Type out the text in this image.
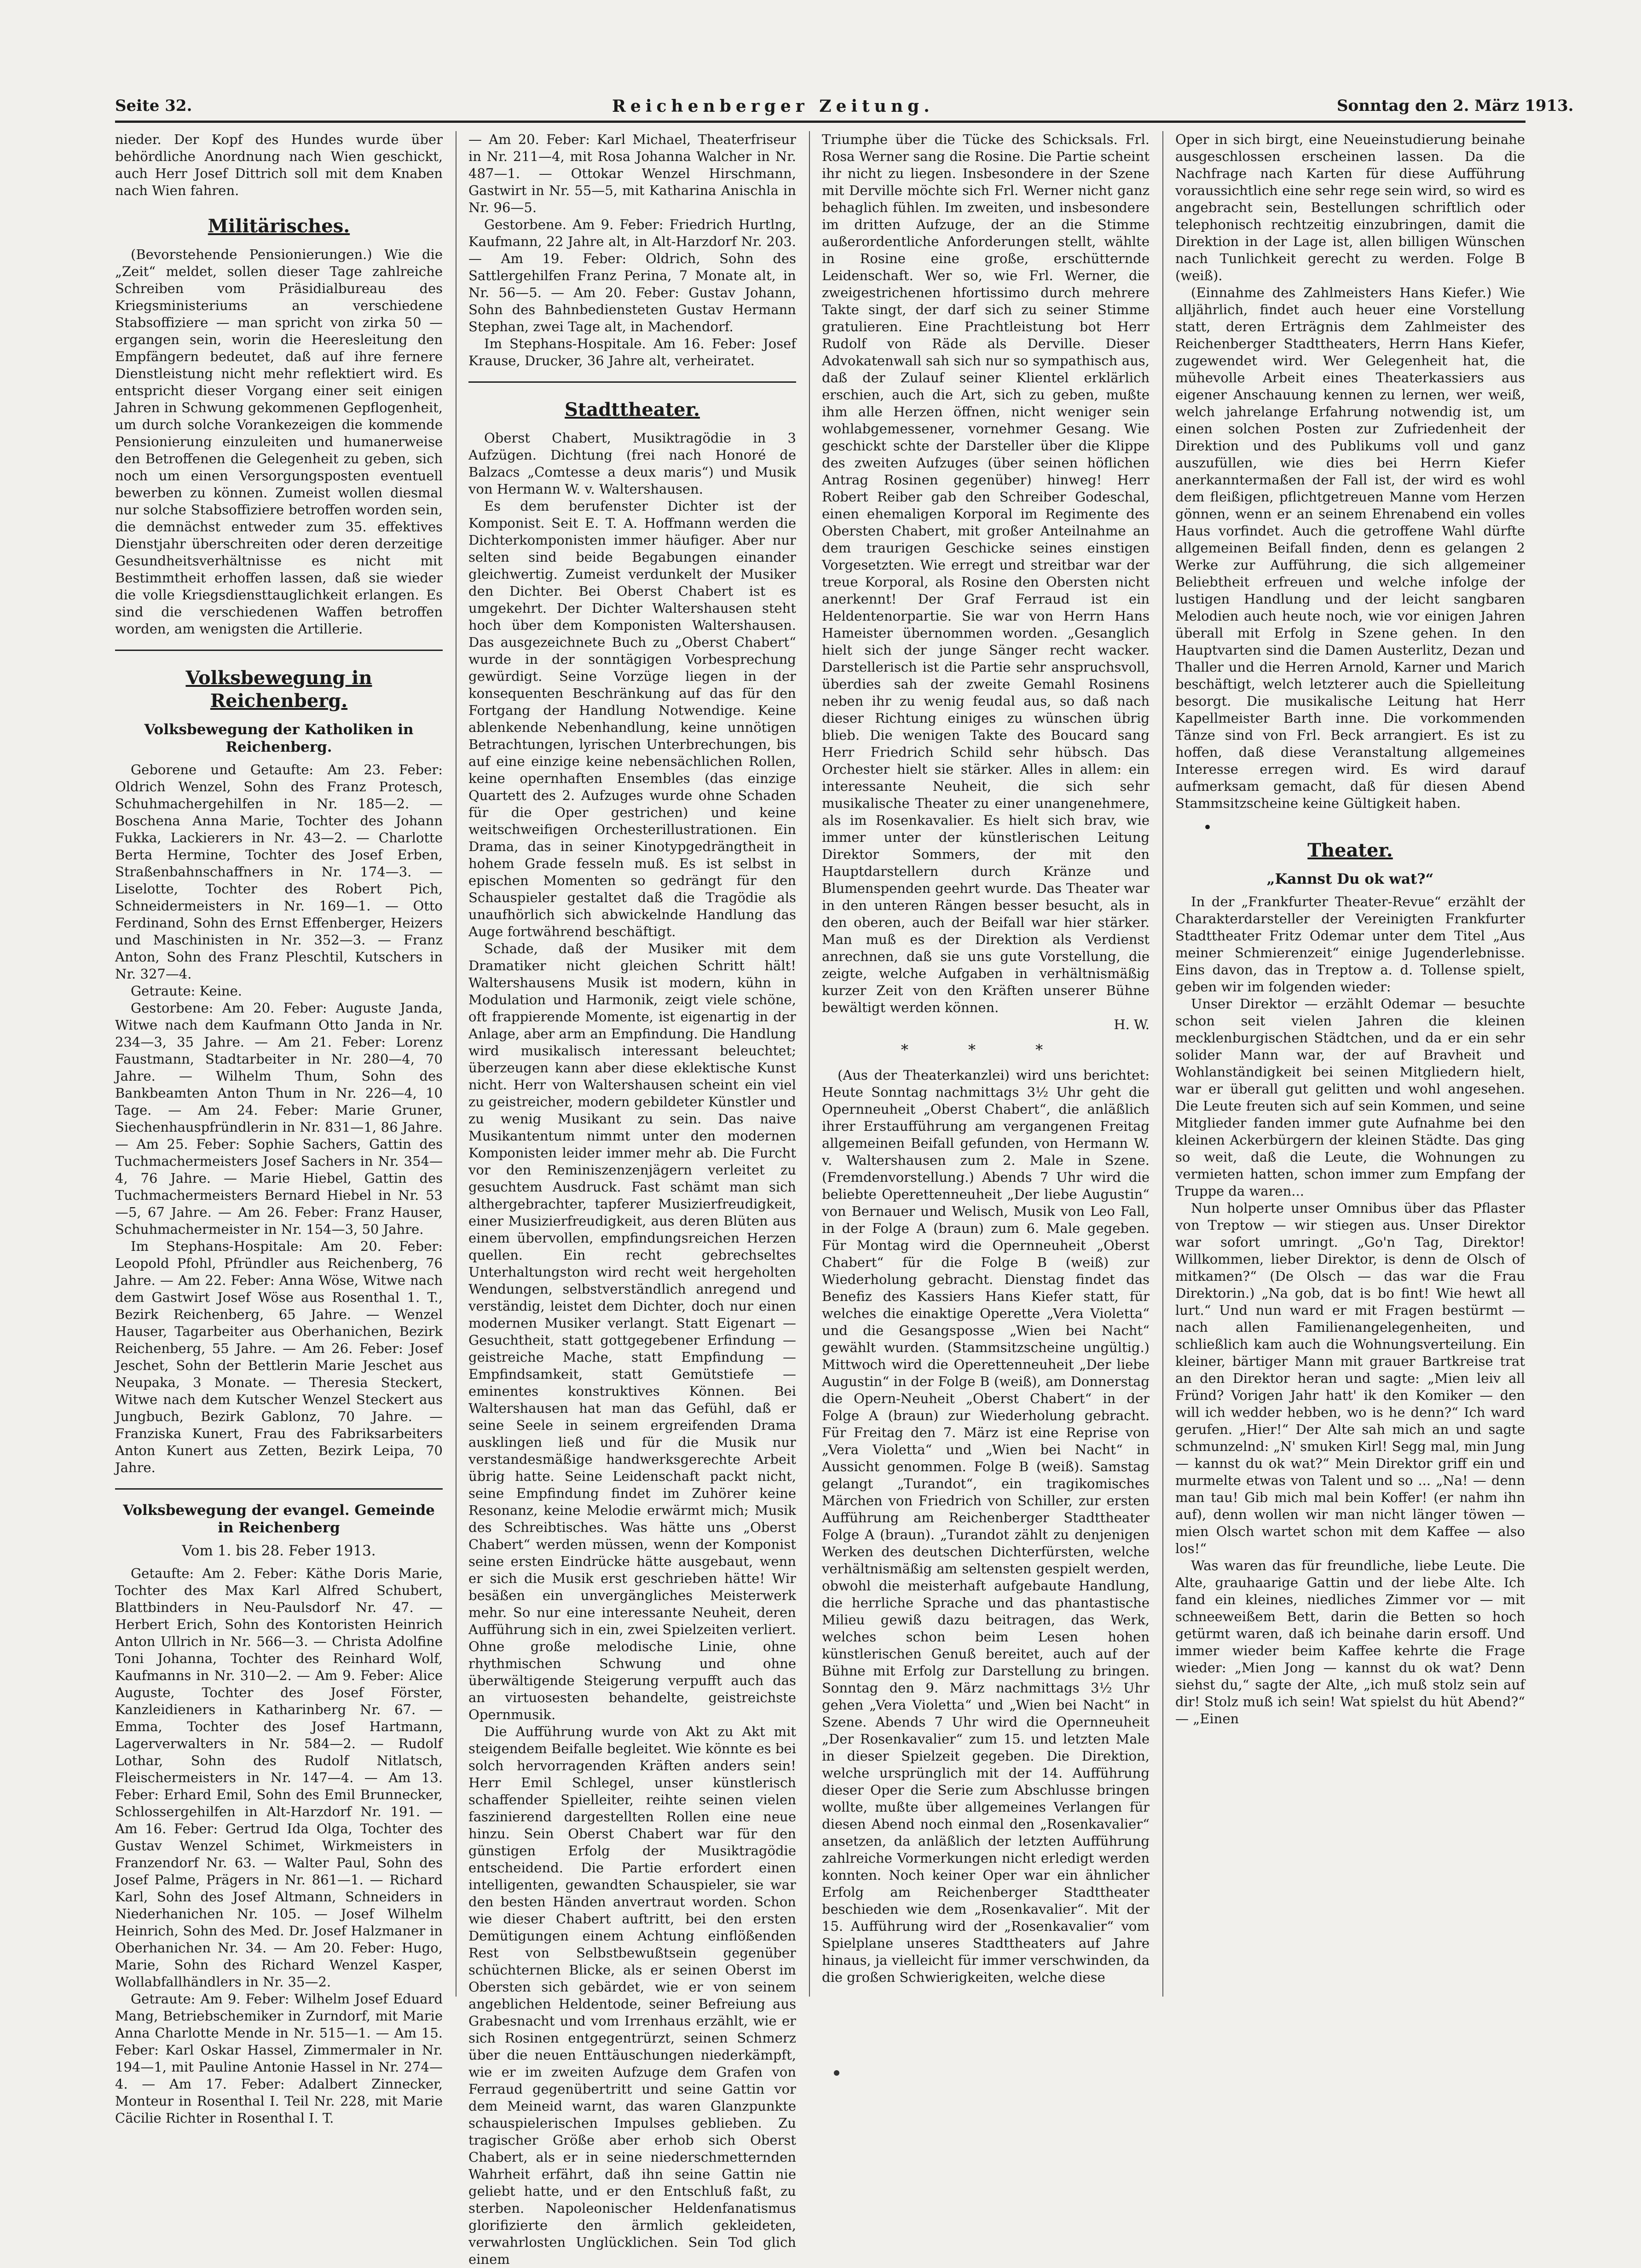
Seite 32.	Reichenberger Zeitung.	Sonntag den 2. März 1913.

nieder. Der Kopf des Hundes wurde über behördliche Anordnung nach Wien geschickt, auch Herr Josef Dittrich soll mit dem Knaben nach Wien fahren.

Militärisches.

(Bevorstehende Pensionierungen.) Wie die „Zeit“ meldet, sollen dieser Tage zahlreiche Schreiben vom Präsidialbureau des Kriegsministeriums an verschiedene Stabsoffiziere — man spricht von zirka 50 — ergangen sein, worin die Heeresleitung den Empfängern bedeutet, daß auf ihre fernere Dienstleistung nicht mehr reflektiert wird. Es entspricht dieser Vorgang einer seit einigen Jahren in Schwung gekommenen Gepflogenheit, um durch solche Vorankezeigen die kommende Pensionierung einzuleiten und humanerweise den Betroffenen die Gelegenheit zu geben, sich noch um einen Versorgungsposten eventuell bewerben zu können. Zumeist wollen diesmal nur solche Stabsoffiziere betroffen worden sein, die demnächst entweder zum 35. effektives Dienstjahr überschreiten oder deren derzeitige Gesundheitsverhältnisse es nicht mit Bestimmtheit erhoffen lassen, daß sie wieder die volle Kriegsdiensttauglichkeit erlangen. Es sind die verschiedenen Waffen betroffen worden, am wenigsten die Artillerie.

Volksbewegung in Reichenberg.
Volksbewegung der Katholiken in Reichenberg.

Geborene und Getaufte: Am 23. Feber: Oldrich Wenzel, Sohn des Franz Protesch, Schuhmachergehilfen in Nr. 185—2. — Boschena Anna Marie, Tochter des Johann Fukka, Lackierers in Nr. 43—2. — Charlotte Berta Hermine, Tochter des Josef Erben, Straßenbahnschaffners in Nr. 174—3. — Liselotte, Tochter des Robert Pich, Schneidermeisters in Nr. 169—1. — Otto Ferdinand, Sohn des Ernst Effenberger, Heizers und Maschinisten in Nr. 352—3. — Franz Anton, Sohn des Franz Pleschtil, Kutschers in Nr. 327—4.

Getraute: Keine.

Gestorbene: Am 20. Feber: Auguste Janda, Witwe nach dem Kaufmann Otto Janda in Nr. 234—3, 35 Jahre. — Am 21. Feber: Lorenz Faustmann, Stadtarbeiter in Nr. 280—4, 70 Jahre. — Wilhelm Thum, Sohn des Bankbeamten Anton Thum in Nr. 226—4, 10 Tage. — Am 24. Feber: Marie Gruner, Siechenhauspfründlerin in Nr. 831—1, 86 Jahre. — Am 25. Feber: Sophie Sachers, Gattin des Tuchmachermeisters Josef Sachers in Nr. 354—4, 76 Jahre. — Marie Hiebel, Gattin des Tuchmachermeisters Bernard Hiebel in Nr. 53—5, 67 Jahre. — Am 26. Feber: Franz Hauser, Schuhmachermeister in Nr. 154—3, 50 Jahre.

Im Stephans-Hospitale: Am 20. Feber: Leopold Pfohl, Pfründler aus Reichenberg, 76 Jahre. — Am 22. Feber: Anna Wöse, Witwe nach dem Gastwirt Josef Wöse aus Rosenthal 1. T., Bezirk Reichenberg, 65 Jahre. — Wenzel Hauser, Tagarbeiter aus Oberhanichen, Bezirk Reichenberg, 55 Jahre. — Am 26. Feber: Josef Jeschet, Sohn der Bettlerin Marie Jeschet aus Neupaka, 3 Monate. — Theresia Steckert, Witwe nach dem Kutscher Wenzel Steckert aus Jungbuch, Bezirk Gablonz, 70 Jahre. — Franziska Kunert, Frau des Fabriksarbeiters Anton Kunert aus Zetten, Bezirk Leipa, 70 Jahre.

Volksbewegung der evangel. Gemeinde in Reichenberg
Vom 1. bis 28. Feber 1913.

Getaufte: Am 2. Feber: Käthe Doris Marie, Tochter des Max Karl Alfred Schubert, Blattbinders in Neu-Paulsdorf Nr. 47. — Herbert Erich, Sohn des Kontoristen Heinrich Anton Ullrich in Nr. 566—3. — Christa Adolfine Toni Johanna, Tochter des Reinhard Wolf, Kaufmanns in Nr. 310—2. — Am 9. Feber: Alice Auguste, Tochter des Josef Förster, Kanzleidieners in Katharinberg Nr. 67. — Emma, Tochter des Josef Hartmann, Lagerverwalters in Nr. 584—2. — Rudolf Lothar, Sohn des Rudolf Nitlatsch, Fleischermeisters in Nr. 147—4. — Am 13. Feber: Erhard Emil, Sohn des Emil Brunnecker, Schlossergehilfen in Alt-Harzdorf Nr. 191. — Am 16. Feber: Gertrud Ida Olga, Tochter des Gustav Wenzel Schimet, Wirkmeisters in Franzendorf Nr. 63. — Walter Paul, Sohn des Josef Palme, Prägers in Nr. 861—1. — Richard Karl, Sohn des Josef Altmann, Schneiders in Niederhanichen Nr. 105. — Josef Wilhelm Heinrich, Sohn des Med. Dr. Josef Halzmaner in Oberhanichen Nr. 34. — Am 20. Feber: Hugo, Marie, Sohn des Richard Wenzel Kasper, Wollabfallhändlers in Nr. 35—2.

Getraute: Am 9. Feber: Wilhelm Josef Eduard Mang, Betriebschemiker in Zurndorf, mit Marie Anna Charlotte Mende in Nr. 515—1. — Am 15. Feber: Karl Oskar Hassel, Zimmermaler in Nr. 194—1, mit Pauline Antonie Hassel in Nr. 274—4. — Am 17. Feber: Adalbert Zinnecker, Monteur in Rosenthal I. Teil Nr. 228, mit Marie Cäcilie Richter in Rosenthal I. T.

— Am 20. Feber: Karl Michael, Theaterfriseur in Nr. 211—4, mit Rosa Johanna Walcher in Nr. 487—1. — Ottokar Wenzel Hirschmann, Gastwirt in Nr. 55—5, mit Katharina Anischla in Nr. 96—5.

Gestorbene. Am 9. Feber: Friedrich Hurtlng, Kaufmann, 22 Jahre alt, in Alt-Harzdorf Nr. 203. — Am 19. Feber: Oldrich, Sohn des Sattlergehilfen Franz Perina, 7 Monate alt, in Nr. 56—5. — Am 20. Feber: Gustav Johann, Sohn des Bahnbediensteten Gustav Hermann Stephan, zwei Tage alt, in Machendorf.

Im Stephans-Hospitale. Am 16. Feber: Josef Krause, Drucker, 36 Jahre alt, verheiratet.

Stadttheater.

Oberst Chabert, Musiktragödie in 3 Aufzügen. Dichtung (frei nach Honoré de Balzacs „Comtesse a deux maris“) und Musik von Hermann W. v. Waltershausen.

Es dem berufenster Dichter ist der Komponist. Seit E. T. A. Hoffmann werden die Dichterkomponisten immer häufiger. Aber nur selten sind beide Begabungen einander gleichwertig. Zumeist verdunkelt der Musiker den Dichter. Bei Oberst Chabert ist es umgekehrt. Der Dichter Waltershausen steht hoch über dem Komponisten Waltershausen. Das ausgezeichnete Buch zu „Oberst Chabert“ wurde in der sonntägigen Vorbesprechung gewürdigt. Seine Vorzüge liegen in der konsequenten Beschränkung auf das für den Fortgang der Handlung Notwendige. Keine ablenkende Nebenhandlung, keine unnötigen Betrachtungen, lyrischen Unterbrechungen, bis auf eine einzige keine nebensächlichen Rollen, keine opernhaften Ensembles (das einzige Quartett des 2. Aufzuges wurde ohne Schaden für die Oper gestrichen) und keine weitschweifigen Orchesterillustrationen. Ein Drama, das in seiner Kinotypgedrängtheit in hohem Grade fesseln muß. Es ist selbst in epischen Momenten so gedrängt für den Schauspieler gestaltet daß die Tragödie als unaufhörlich sich abwickelnde Handlung das Auge fortwährend beschäftigt.

Schade, daß der Musiker mit dem Dramatiker nicht gleichen Schritt hält! Waltershausens Musik ist modern, kühn in Modulation und Harmonik, zeigt viele schöne, oft frappierende Momente, ist eigenartig in der Anlage, aber arm an Empfindung. Die Handlung wird musikalisch interessant beleuchtet; überzeugen kann aber diese eklektische Kunst nicht. Herr von Waltershausen scheint ein viel zu geistreicher, modern gebildeter Künstler und zu wenig Musikant zu sein. Das naive Musikantentum nimmt unter den modernen Komponisten leider immer mehr ab. Die Furcht vor den Reminiszenzenjägern verleitet zu gesuchtem Ausdruck. Fast schämt man sich althergebrachter, tapferer Musizierfreudigkeit, einer Musizierfreudigkeit, aus deren Blüten aus einem übervollen, empfindungsreichen Herzen quellen. Ein recht gebrechseltes Unterhaltungston wird recht weit hergeholten Wendungen, selbstverständlich anregend und verständig, leistet dem Dichter, doch nur einen modernen Musiker verlangt. Statt Eigenart — Gesuchtheit, statt gottgegebener Erfindung — geistreiche Mache, statt Empfindung — Empfindsamkeit, statt Gemütstiefe — eminentes konstruktives Können. Bei Waltershausen hat man das Gefühl, daß er seine Seele in seinem ergreifenden Drama ausklingen ließ und für die Musik nur verstandesmäßige handwerksgerechte Arbeit übrig hatte. Seine Leidenschaft packt nicht, seine Empfindung findet im Zuhörer keine Resonanz, keine Melodie erwärmt mich; Musik des Schreibtisches. Was hätte uns „Oberst Chabert“ werden müssen, wenn der Komponist seine ersten Eindrücke hätte ausgebaut, wenn er sich die Musik erst geschrieben hätte! Wir besäßen ein unvergängliches Meisterwerk mehr. So nur eine interessante Neuheit, deren Aufführung sich in ein, zwei Spielzeiten verliert. Ohne große melodische Linie, ohne rhythmischen Schwung und ohne überwältigende Steigerung verpufft auch das an virtuosesten behandelte, geistreichste Opernmusik.

Die Aufführung wurde von Akt zu Akt mit steigendem Beifalle begleitet. Wie könnte es bei solch hervorragenden Kräften anders sein! Herr Emil Schlegel, unser künstlerisch schaffender Spielleiter, reihte seinen vielen faszinierend dargestellten Rollen eine neue hinzu. Sein Oberst Chabert war für den günstigen Erfolg der Musiktragödie entscheidend. Die Partie erfordert einen intelligenten, gewandten Schauspieler, sie war den besten Händen anvertraut worden. Schon wie dieser Chabert auftritt, bei den ersten Demütigungen einem Achtung einflößenden Rest von Selbstbewußtsein gegenüber schüchternen Blicke, als er seinen Oberst im Obersten sich gebärdet, wie er von seinem angeblichen Heldentode, seiner Befreiung aus Grabesnacht und vom Irrenhaus erzählt, wie er sich Rosinen entgegentrürzt, seinen Schmerz über die neuen Enttäuschungen niederkämpft, wie er im zweiten Aufzuge dem Grafen von Ferraud gegenübertritt und seine Gattin vor dem Meineid warnt, das waren Glanzpunkte schauspielerischen Impulses geblieben. Zu tragischer Größe aber erhob sich Oberst Chabert, als er in seine niederschmetternden Wahrheit erfährt, daß ihn seine Gattin nie geliebt hatte, und er den Entschluß faßt, zu sterben. Napoleonischer Heldenfanatismus glorifizierte den ärmlich gekleideten, verwahrlosten Unglücklichen. Sein Tod glich einem

Triumphe über die Tücke des Schicksals. Frl. Rosa Werner sang die Rosine. Die Partie scheint ihr nicht zu liegen. Insbesondere in der Szene mit Derville möchte sich Frl. Werner nicht ganz behaglich fühlen. Im zweiten, und insbesondere im dritten Aufzuge, der an die Stimme außerordentliche Anforderungen stellt, wählte in Rosine eine große, erschütternde Leidenschaft. Wer so, wie Frl. Werner, die zweigestrichenen hfortissimo durch mehrere Takte singt, der darf sich zu seiner Stimme gratulieren. Eine Prachtleistung bot Herr Rudolf von Räde als Derville. Dieser Advokatenwall sah sich nur so sympathisch aus, daß der Zulauf seiner Klientel erklärlich erschien, auch die Art, sich zu geben, mußte ihm alle Herzen öffnen, nicht weniger sein wohlabgemessener, vornehmer Gesang. Wie geschickt schte der Darsteller über die Klippe des zweiten Aufzuges (über seinen höflichen Antrag Rosinen gegenüber) hinweg! Herr Robert Reiber gab den Schreiber Godeschal, einen ehemaligen Korporal im Regimente des Obersten Chabert, mit großer Anteilnahme an dem traurigen Geschicke seines einstigen Vorgesetzten. Wie erregt und streitbar war der treue Korporal, als Rosine den Obersten nicht anerkennt! Der Graf Ferraud ist ein Heldentenorpartie. Sie war von Herrn Hans Hameister übernommen worden. „Gesanglich hielt sich der junge Sänger recht wacker. Darstellerisch ist die Partie sehr anspruchsvoll, überdies sah der zweite Gemahl Rosinens neben ihr zu wenig feudal aus, so daß nach dieser Richtung einiges zu wünschen übrig blieb. Die wenigen Takte des Boucard sang Herr Friedrich Schild sehr hübsch. Das Orchester hielt sie stärker. Alles in allem: ein interessante Neuheit, die sich sehr musikalische Theater zu einer unangenehmere, als im Rosenkavalier. Es hielt sich brav, wie immer unter der künstlerischen Leitung Direktor Sommers, der mit den Hauptdarstellern durch Kränze und Blumenspenden geehrt wurde. Das Theater war in den unteren Rängen besser besucht, als in den oberen, auch der Beifall war hier stärker. Man muß es der Direktion als Verdienst anrechnen, daß sie uns gute Vorstellung, die zeigte, welche Aufgaben in verhältnismäßig kurzer Zeit von den Kräften unserer Bühne bewältigt werden können.

H. W.
* * *

(Aus der Theaterkanzlei) wird uns berichtet: Heute Sonntag nachmittags 3½ Uhr geht die Opernneuheit „Oberst Chabert“, die anläßlich ihrer Erstaufführung am vergangenen Freitag allgemeinen Beifall gefunden, von Hermann W. v. Waltershausen zum 2. Male in Szene. (Fremdenvorstellung.) Abends 7 Uhr wird die beliebte Operettenneuheit „Der liebe Augustin“ von Bernauer und Welisch, Musik von Leo Fall, in der Folge A (braun) zum 6. Male gegeben. Für Montag wird die Opernneuheit „Oberst Chabert“ für die Folge B (weiß) zur Wiederholung gebracht. Dienstag findet das Benefiz des Kassiers Hans Kiefer statt, für welches die einaktige Operette „Vera Violetta“ und die Gesangsposse „Wien bei Nacht“ gewählt wurden. (Stammsitzscheine ungültig.) Mittwoch wird die Operettenneuheit „Der liebe Augustin“ in der Folge B (weiß), am Donnerstag die Opern-Neuheit „Oberst Chabert“ in der Folge A (braun) zur Wiederholung gebracht. Für Freitag den 7. März ist eine Reprise von „Vera Violetta“ und „Wien bei Nacht“ in Aussicht genommen. Folge B (weiß). Samstag gelangt „Turandot“, ein tragikomisches Märchen von Friedrich von Schiller, zur ersten Aufführung am Reichenberger Stadttheater Folge A (braun). „Turandot zählt zu denjenigen Werken des deutschen Dichterfürsten, welche verhältnismäßig am seltensten gespielt werden, obwohl die meisterhaft aufgebaute Handlung, die herrliche Sprache und das phantastische Milieu gewiß dazu beitragen, das Werk, welches schon beim Lesen hohen künstlerischen Genuß bereitet, auch auf der Bühne mit Erfolg zur Darstellung zu bringen. Sonntag den 9. März nachmittags 3½ Uhr gehen „Vera Violetta“ und „Wien bei Nacht“ in Szene. Abends 7 Uhr wird die Opernneuheit „Der Rosenkavalier“ zum 15. und letzten Male in dieser Spielzeit gegeben. Die Direktion, welche ursprünglich mit der 14. Aufführung dieser Oper die Serie zum Abschlusse bringen wollte, mußte über allgemeines Verlangen für diesen Abend noch einmal den „Rosenkavalier“ ansetzen, da anläßlich der letzten Aufführung zahlreiche Vormerkungen nicht erledigt werden konnten. Noch keiner Oper war ein ähnlicher Erfolg am Reichenberger Stadttheater beschieden wie dem „Rosenkavalier“. Mit der 15. Aufführung wird der „Rosenkavalier“ vom Spielplane unseres Stadttheaters auf Jahre hinaus, ja vielleicht für immer verschwinden, da die großen Schwierigkeiten, welche diese

Oper in sich birgt, eine Neueinstudierung beinahe ausgeschlossen erscheinen lassen. Da die Nachfrage nach Karten für diese Aufführung voraussichtlich eine sehr rege sein wird, so wird es angebracht sein, Bestellungen schriftlich oder telephonisch rechtzeitig einzubringen, damit die Direktion in der Lage ist, allen billigen Wünschen nach Tunlichkeit gerecht zu werden. Folge B (weiß).

(Einnahme des Zahlmeisters Hans Kiefer.) Wie alljährlich, findet auch heuer eine Vorstellung statt, deren Erträgnis dem Zahlmeister des Reichenberger Stadttheaters, Herrn Hans Kiefer, zugewendet wird. Wer Gelegenheit hat, die mühevolle Arbeit eines Theaterkassiers aus eigener Anschauung kennen zu lernen, wer weiß, welch jahrelange Erfahrung notwendig ist, um einen solchen Posten zur Zufriedenheit der Direktion und des Publikums voll und ganz auszufüllen, wie dies bei Herrn Kiefer anerkanntermaßen der Fall ist, der wird es wohl dem fleißigen, pflichtgetreuen Manne vom Herzen gönnen, wenn er an seinem Ehrenabend ein volles Haus vorfindet. Auch die getroffene Wahl dürfte allgemeinen Beifall finden, denn es gelangen 2 Werke zur Aufführung, die sich allgemeiner Beliebtheit erfreuen und welche infolge der lustigen Handlung und der leicht sangbaren Melodien auch heute noch, wie vor einigen Jahren überall mit Erfolg in Szene gehen. In den Hauptvarten sind die Damen Austerlitz, Dezan und Thaller und die Herren Arnold, Karner und Marich beschäftigt, welch letzterer auch die Spielleitung besorgt. Die musikalische Leitung hat Herr Kapellmeister Barth inne. Die vorkommenden Tänze sind von Frl. Beck arrangiert. Es ist zu hoffen, daß diese Veranstaltung allgemeines Interesse erregen wird. Es wird darauf aufmerksam gemacht, daß für diesen Abend Stammsitzscheine keine Gültigkeit haben.

•
Theater.
„Kannst Du ok wat?“

In der „Frankfurter Theater-Revue“ erzählt der Charakterdarsteller der Vereinigten Frankfurter Stadttheater Fritz Odemar unter dem Titel „Aus meiner Schmierenzeit“ einige Jugenderlebnisse. Eins davon, das in Treptow a. d. Tollense spielt, geben wir im folgenden wieder:

Unser Direktor — erzählt Odemar — besuchte schon seit vielen Jahren die kleinen mecklenburgischen Städtchen, und da er ein sehr solider Mann war, der auf Bravheit und Wohlanständigkeit bei seinen Mitgliedern hielt, war er überall gut gelitten und wohl angesehen. Die Leute freuten sich auf sein Kommen, und seine Mitglieder fanden immer gute Aufnahme bei den kleinen Ackerbürgern der kleinen Städte. Das ging so weit, daß die Leute, die Wohnungen zu vermieten hatten, schon immer zum Empfang der Truppe da waren...

Nun holperte unser Omnibus über das Pflaster von Treptow — wir stiegen aus. Unser Direktor war sofort umringt. „Go'n Tag, Direktor! Willkommen, lieber Direktor, is denn de Olsch of mitkamen?“ (De Olsch — das war die Frau Direktorin.) „Na gob, dat is bo fint! Wie hewt all lurt.“ Und nun ward er mit Fragen bestürmt — nach allen Familienangelegenheiten, und schließlich kam auch die Wohnungsverteilung. Ein kleiner, bärtiger Mann mit grauer Bartkreise trat an den Direktor heran und sagte: „Mien leiv all Fründ? Vorigen Jahr hatt' ik den Komiker — den will ich wedder hebben, wo is he denn?“ Ich ward gerufen. „Hier!“ Der Alte sah mich an und sagte schmunzelnd: „N' smuken Kirl! Segg mal, min Jung — kannst du ok wat?“ Mein Direktor griff ein und murmelte etwas von Talent und so ... „Na! — denn man tau! Gib mich mal bein Koffer! (er nahm ihn auf), denn wollen wir man nicht länger töwen — mien Olsch wartet schon mit dem Kaffee — also los!“

Was waren das für freundliche, liebe Leute. Die Alte, grauhaarige Gattin und der liebe Alte. Ich fand ein kleines, niedliches Zimmer vor — mit schneeweißem Bett, darin die Betten so hoch getürmt waren, daß ich beinahe darin ersoff. Und immer wieder beim Kaffee kehrte die Frage wieder: „Mien Jong — kannst du ok wat? Denn siehst du,“ sagte der Alte, „ich muß stolz sein auf dir! Stolz muß ich sein! Wat spielst du hüt Abend?“ — „Einen
